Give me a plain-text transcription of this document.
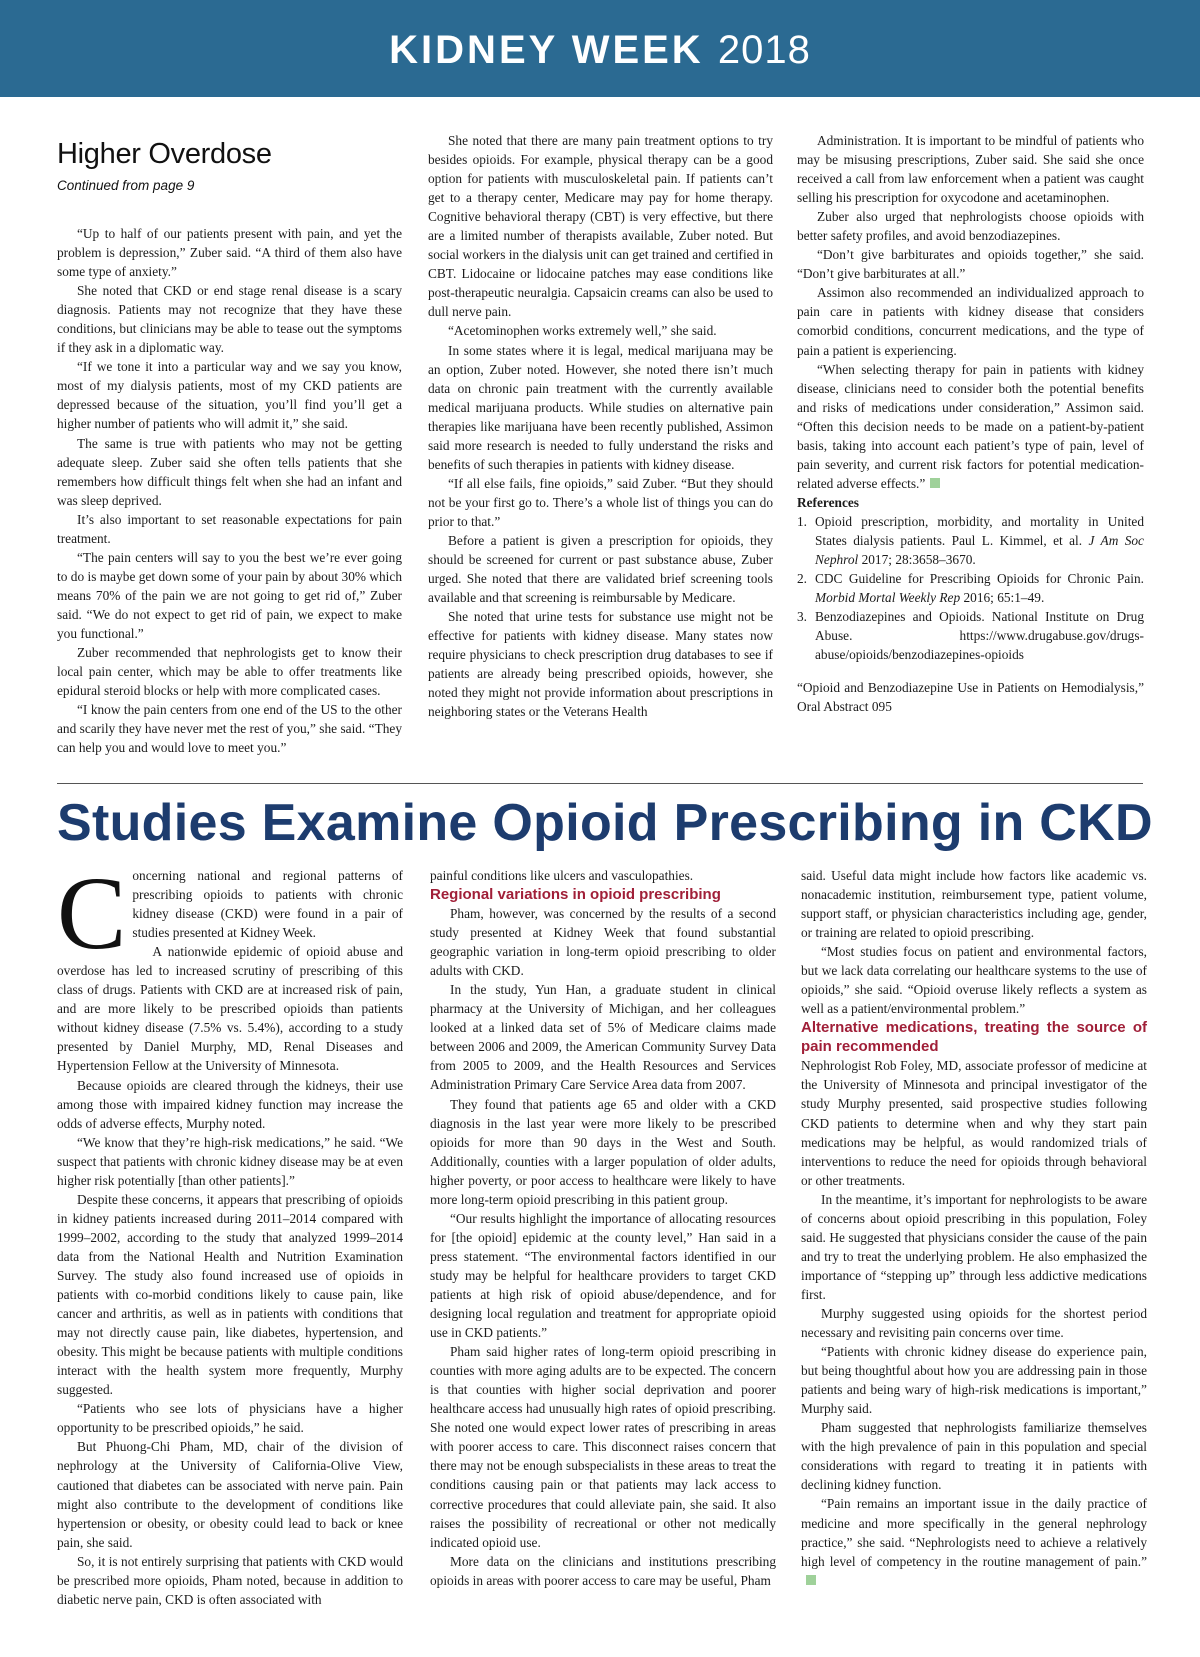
KIDNEY WEEK 2018
Higher Overdose
Continued from page 9

“Up to half of our patients present with pain, and yet the problem is depression,” Zuber said. “A third of them also have some type of anxiety.”

She noted that CKD or end stage renal disease is a scary diagnosis. Patients may not recognize that they have these conditions, but clinicians may be able to tease out the symptoms if they ask in a diplomatic way.

“If we tone it into a particular way and we say you know, most of my dialysis patients, most of my CKD patients are depressed because of the situation, you’ll find you’ll get a higher number of patients who will admit it,” she said.

The same is true with patients who may not be getting adequate sleep. Zuber said she often tells patients that she remembers how difficult things felt when she had an infant and was sleep deprived.

It’s also important to set reasonable expectations for pain treatment.

“The pain centers will say to you the best we’re ever going to do is maybe get down some of your pain by about 30% which means 70% of the pain we are not going to get rid of,” Zuber said. “We do not expect to get rid of pain, we expect to make you functional.”

Zuber recommended that nephrologists get to know their local pain center, which may be able to offer treatments like epidural steroid blocks or help with more complicated cases.

“I know the pain centers from one end of the US to the other and scarily they have never met the rest of you,” she said. “They can help you and would love to meet you.”

She noted that there are many pain treatment options to try besides opioids. For example, physical therapy can be a good option for patients with musculoskeletal pain. If patients can’t get to a therapy center, Medicare may pay for home therapy. Cognitive behavioral therapy (CBT) is very effective, but there are a limited number of therapists available, Zuber noted. But social workers in the dialysis unit can get trained and certified in CBT. Lidocaine or lidocaine patches may ease conditions like post-therapeutic neuralgia. Capsaicin creams can also be used to dull nerve pain.

“Acetominophen works extremely well,” she said.

In some states where it is legal, medical marijuana may be an option, Zuber noted. However, she noted there isn’t much data on chronic pain treatment with the currently available medical marijuana products. While studies on alternative pain therapies like marijuana have been recently published, Assimon said more research is needed to fully understand the risks and benefits of such therapies in patients with kidney disease.

“If all else fails, fine opioids,” said Zuber. “But they should not be your first go to. There’s a whole list of things you can do prior to that.”

Before a patient is given a prescription for opioids, they should be screened for current or past substance abuse, Zuber urged. She noted that there are validated brief screening tools available and that screening is reimbursable by Medicare.

She noted that urine tests for substance use might not be effective for patients with kidney disease. Many states now require physicians to check prescription drug databases to see if patients are already being prescribed opioids, however, she noted they might not provide information about prescriptions in neighboring states or the Veterans Health

Administration. It is important to be mindful of patients who may be misusing prescriptions, Zuber said. She said she once received a call from law enforcement when a patient was caught selling his prescription for oxycodone and acetaminophen.

Zuber also urged that nephrologists choose opioids with better safety profiles, and avoid benzodiazepines.

“Don’t give barbiturates and opioids together,” she said. “Don’t give barbiturates at all.”

Assimon also recommended an individualized approach to pain care in patients with kidney disease that considers comorbid conditions, concurrent medications, and the type of pain a patient is experiencing.

“When selecting therapy for pain in patients with kidney disease, clinicians need to consider both the potential benefits and risks of medications under consideration,” Assimon said. “Often this decision needs to be made on a patient-by-patient basis, taking into account each patient’s type of pain, level of pain severity, and current risk factors for potential medication-related adverse effects.”

References

1. Opioid prescription, morbidity, and mortality in United States dialysis patients. Paul L. Kimmel, et al. J Am Soc Nephrol 2017; 28:3658–3670.
2. CDC Guideline for Prescribing Opioids for Chronic Pain. Morbid Mortal Weekly Rep 2016; 65:1–49.
3. Benzodiazepines and Opioids. National Institute on Drug Abuse. https://www.drugabuse.gov/drugs-abuse/opioids/benzodiazepines-opioids

“Opioid and Benzodiazepine Use in Patients on Hemodialysis,” Oral Abstract 095

Studies Examine Opioid Prescribing in CKD

Concerning national and regional patterns of prescribing opioids to patients with chronic kidney disease (CKD) were found in a pair of studies presented at Kidney Week.

A nationwide epidemic of opioid abuse and overdose has led to increased scrutiny of prescribing of this class of drugs. Patients with CKD are at increased risk of pain, and are more likely to be prescribed opioids than patients without kidney disease (7.5% vs. 5.4%), according to a study presented by Daniel Murphy, MD, Renal Diseases and Hypertension Fellow at the University of Minnesota.

Because opioids are cleared through the kidneys, their use among those with impaired kidney function may increase the odds of adverse effects, Murphy noted.

“We know that they’re high-risk medications,” he said. “We suspect that patients with chronic kidney disease may be at even higher risk potentially [than other patients].”

Despite these concerns, it appears that prescribing of opioids in kidney patients increased during 2011–2014 compared with 1999–2002, according to the study that analyzed 1999–2014 data from the National Health and Nutrition Examination Survey. The study also found increased use of opioids in patients with co-morbid conditions likely to cause pain, like cancer and arthritis, as well as in patients with conditions that may not directly cause pain, like diabetes, hypertension, and obesity. This might be because patients with multiple conditions interact with the health system more frequently, Murphy suggested.

“Patients who see lots of physicians have a higher opportunity to be prescribed opioids,” he said.

But Phuong-Chi Pham, MD, chair of the division of nephrology at the University of California-Olive View, cautioned that diabetes can be associated with nerve pain. Pain might also contribute to the development of conditions like hypertension or obesity, or obesity could lead to back or knee pain, she said.

So, it is not entirely surprising that patients with CKD would be prescribed more opioids, Pham noted, because in addition to diabetic nerve pain, CKD is often associated with

painful conditions like ulcers and vasculopathies.

Regional variations in opioid prescribing

Pham, however, was concerned by the results of a second study presented at Kidney Week that found substantial geographic variation in long-term opioid prescribing to older adults with CKD.

In the study, Yun Han, a graduate student in clinical pharmacy at the University of Michigan, and her colleagues looked at a linked data set of 5% of Medicare claims made between 2006 and 2009, the American Community Survey Data from 2005 to 2009, and the Health Resources and Services Administration Primary Care Service Area data from 2007.

They found that patients age 65 and older with a CKD diagnosis in the last year were more likely to be prescribed opioids for more than 90 days in the West and South. Additionally, counties with a larger population of older adults, higher poverty, or poor access to healthcare were likely to have more long-term opioid prescribing in this patient group.

“Our results highlight the importance of allocating resources for [the opioid] epidemic at the county level,” Han said in a press statement. “The environmental factors identified in our study may be helpful for healthcare providers to target CKD patients at high risk of opioid abuse/dependence, and for designing local regulation and treatment for appropriate opioid use in CKD patients.”

Pham said higher rates of long-term opioid prescribing in counties with more aging adults are to be expected. The concern is that counties with higher social deprivation and poorer healthcare access had unusually high rates of opioid prescribing. She noted one would expect lower rates of prescribing in areas with poorer access to care. This disconnect raises concern that there may not be enough subspecialists in these areas to treat the conditions causing pain or that patients may lack access to corrective procedures that could alleviate pain, she said. It also raises the possibility of recreational or other not medically indicated opioid use.

More data on the clinicians and institutions prescribing opioids in areas with poorer access to care may be useful, Pham

said. Useful data might include how factors like academic vs. nonacademic institution, reimbursement type, patient volume, support staff, or physician characteristics including age, gender, or training are related to opioid prescribing.

“Most studies focus on patient and environmental factors, but we lack data correlating our healthcare systems to the use of opioids,” she said. “Opioid overuse likely reflects a system as well as a patient/environmental problem.”

Alternative medications, treating the source of pain recommended

Nephrologist Rob Foley, MD, associate professor of medicine at the University of Minnesota and principal investigator of the study Murphy presented, said prospective studies following CKD patients to determine when and why they start pain medications may be helpful, as would randomized trials of interventions to reduce the need for opioids through behavioral or other treatments.

In the meantime, it’s important for nephrologists to be aware of concerns about opioid prescribing in this population, Foley said. He suggested that physicians consider the cause of the pain and try to treat the underlying problem. He also emphasized the importance of “stepping up” through less addictive medications first.

Murphy suggested using opioids for the shortest period necessary and revisiting pain concerns over time.

“Patients with chronic kidney disease do experience pain, but being thoughtful about how you are addressing pain in those patients and being wary of high-risk medications is important,” Murphy said.

Pham suggested that nephrologists familiarize themselves with the high prevalence of pain in this population and special considerations with regard to treating it in patients with declining kidney function.

“Pain remains an important issue in the daily practice of medicine and more specifically in the general nephrology practice,” she said. “Nephrologists need to achieve a relatively high level of competency in the routine management of pain.”
